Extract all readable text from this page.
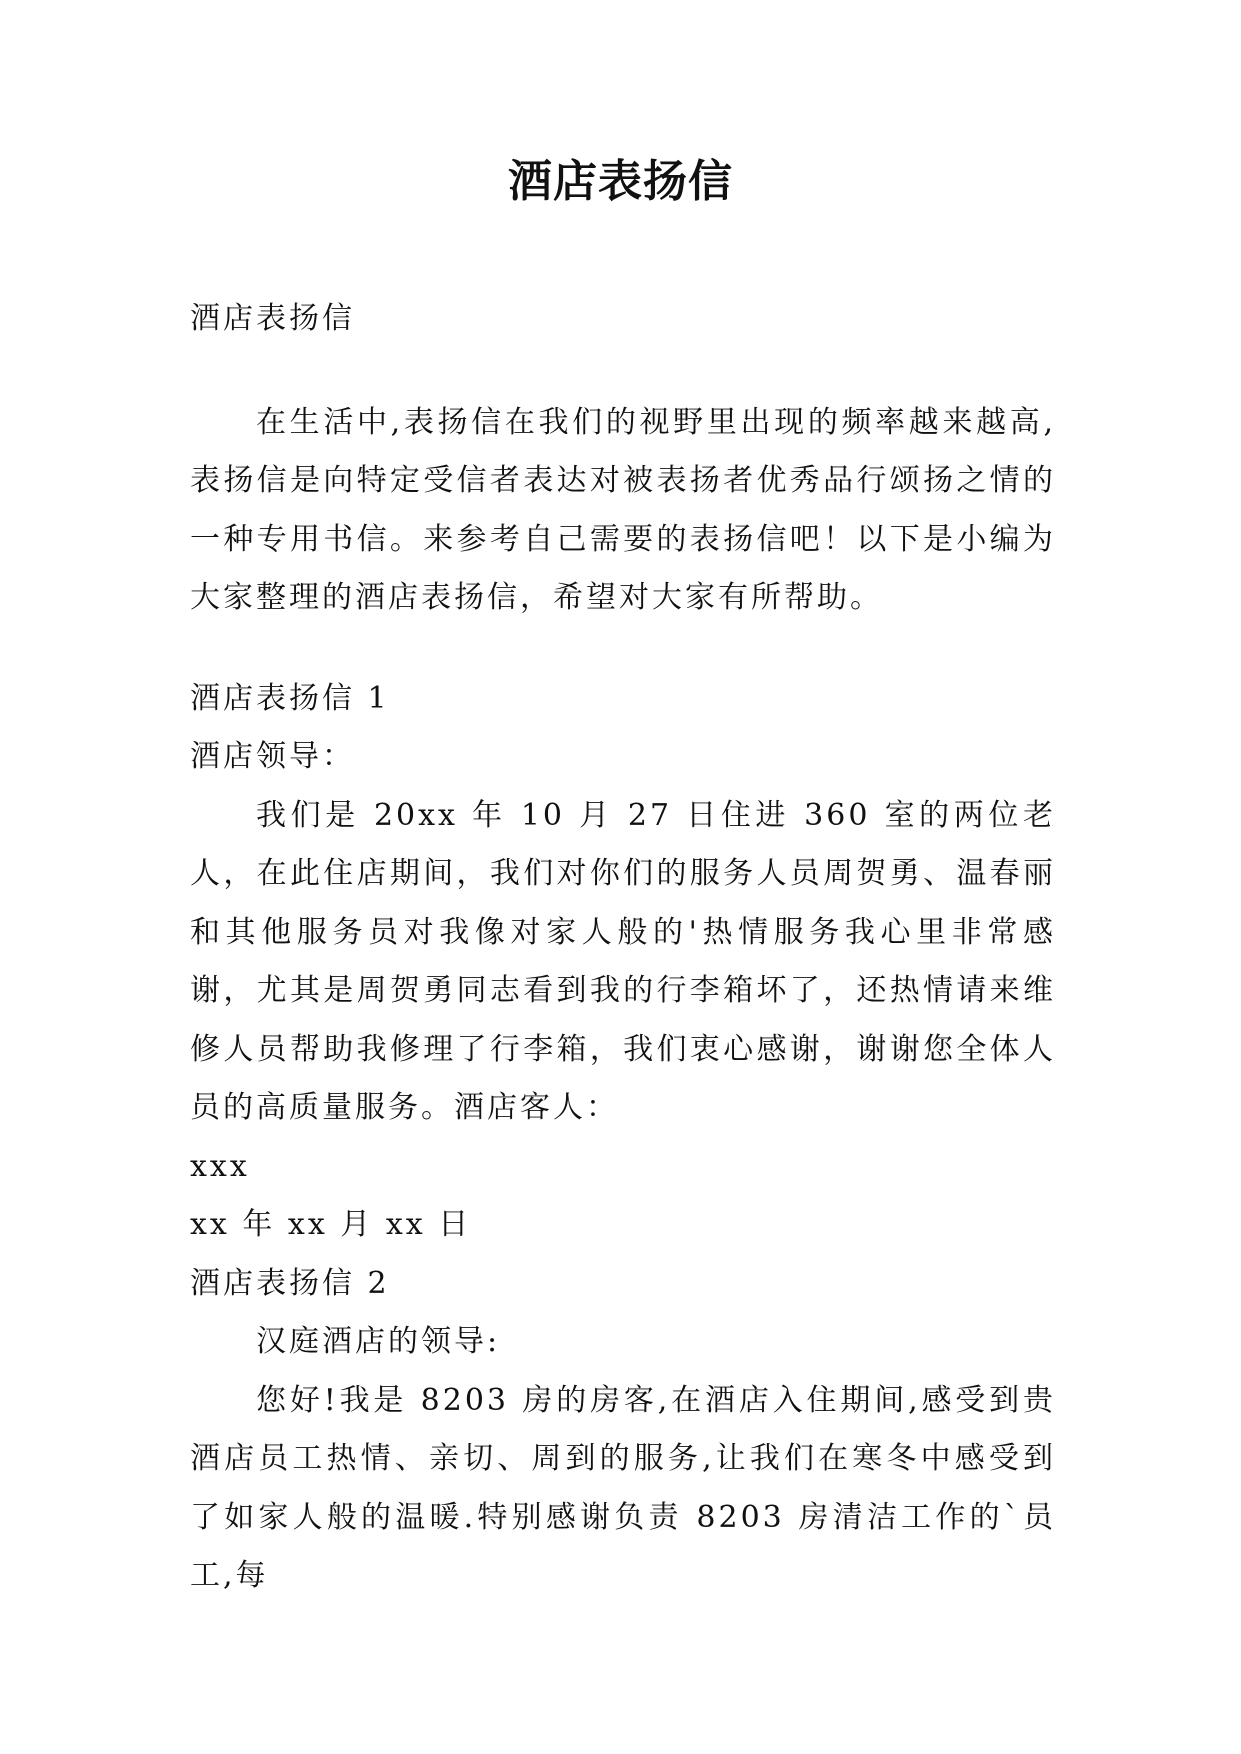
酒店表扬信

酒店表扬信

在生活中,表扬信在我们的视野里出现的频率越来越高,表扬信是向特定受信者表达对被表扬者优秀品行颂扬之情的一种专用书信。来参考自己需要的表扬信吧！以下是小编为大家整理的酒店表扬信，希望对大家有所帮助。

酒店表扬信 1

酒店领导：

我们是 20xx 年 10 月 27 日住进 360 室的两位老人，在此住店期间，我们对你们的服务人员周贺勇、温春丽和其他服务员对我像对家人般的'热情服务我心里非常感谢，尤其是周贺勇同志看到我的行李箱坏了，还热情请来维修人员帮助我修理了行李箱，我们衷心感谢，谢谢您全体人员的高质量服务。酒店客人：

xxx

xx 年 xx 月 xx 日

酒店表扬信 2

汉庭酒店的领导:

您好!我是 8203 房的房客,在酒店入住期间,感受到贵酒店员工热情、亲切、周到的服务,让我们在寒冬中感受到了如家人般的温暖.特别感谢负责 8203 房清洁工作的`员工,每
